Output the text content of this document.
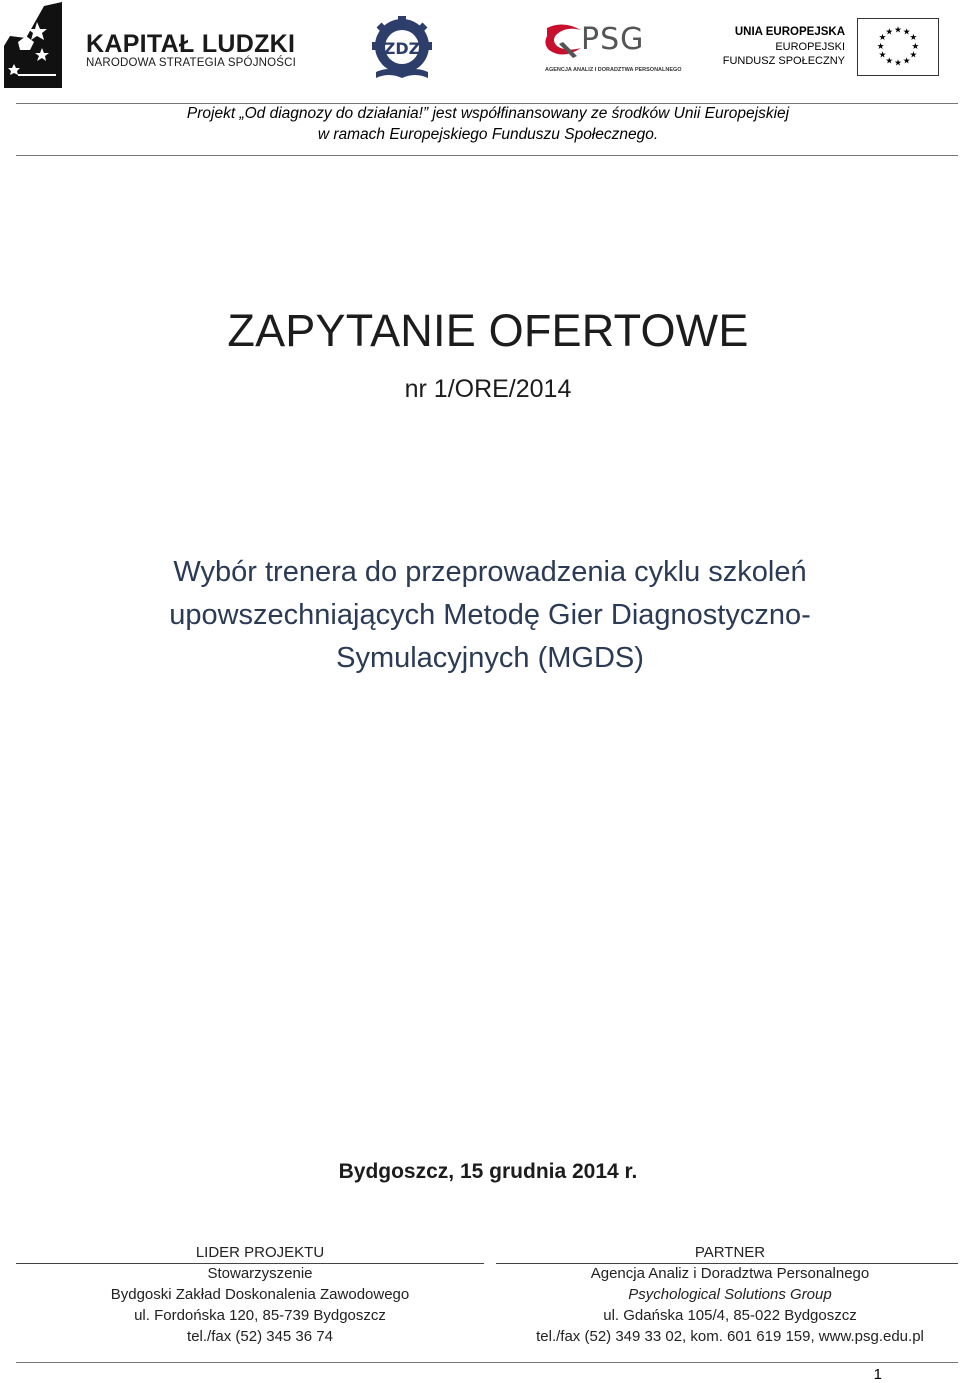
KAPITAŁ LUDZKI
NARODOWA STRATEGIA SPÓJNOŚCI
ZDZ	PSG
AGENCJA ANALIZ I DORADZTWA PERSONALNEGO
UNIA EUROPEJSKA
EUROPEJSKI
FUNDUSZ SPOŁECZNY
★ ★
★
★
★
★
★
★
★
★
★
★
Projekt „Od diagnozy do działania!” jest współfinansowany ze środków Unii Europejskiej
w ramach Europejskiego Funduszu Społecznego.
ZAPYTANIE OFERTOWE
nr 1/ORE/2014
Wybór trenera do przeprowadzenia cyklu szkoleń
upowszechniających Metodę Gier Diagnostyczno-
Symulacyjnych (MGDS)
Bydgoszcz, 15 grudnia 2014 r.
LIDER PROJEKTU
Stowarzyszenie
Bydgoski Zakład Doskonalenia Zawodowego
ul. Fordońska 120, 85-739 Bydgoszcz
tel./fax (52) 345 36 74
PARTNER
Agencja Analiz i Doradztwa Personalnego
Psychological Solutions Group
ul. Gdańska 105/4, 85-022 Bydgoszcz
tel./fax (52) 349 33 02, kom. 601 619 159, www.psg.edu.pl
1
